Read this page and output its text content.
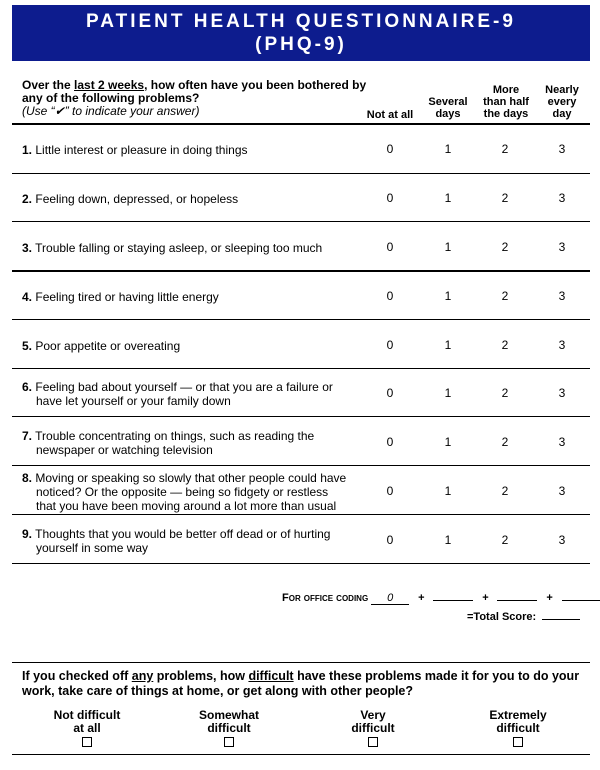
PATIENT HEALTH QUESTIONNAIRE-9
(PHQ-9)
Over the last 2 weeks, how often have you been bothered by any of the following problems?
(Use “✔” to indicate your answer)	Not at all
Several
days
More
than half
the days
Nearly
every
day
1. Little interest or pleasure in doing things	0	1	2	3
2. Feeling down, depressed, or hopeless	0	1	2	3
3. Trouble falling or staying asleep, or sleeping too much	0	1	2	3
4. Feeling tired or having little energy	0	1	2	3
5. Poor appetite or overeating	0	1	2	3
6. Feeling bad about yourself — or that you are a failure or
have let yourself or your family down
0	1	2	3
7. Trouble concentrating on things, such as reading the
newspaper or watching television
0	1	2	3
8. Moving or speaking so slowly that other people could have
noticed? Or the opposite — being so fidgety or restless
that you have been moving around a lot more than usual
0	1	2	3
9. Thoughts that you would be better off dead or of hurting
yourself in some way
0	1	2	3
For office coding 0 +	+	+
=Total Score:
If you checked off any problems, how difficult have these problems made it for you to do your work, take care of things at home, or get along with other people?
Not difficult
at all
Somewhat
difficult
Very
difficult
Extremely
difficult
